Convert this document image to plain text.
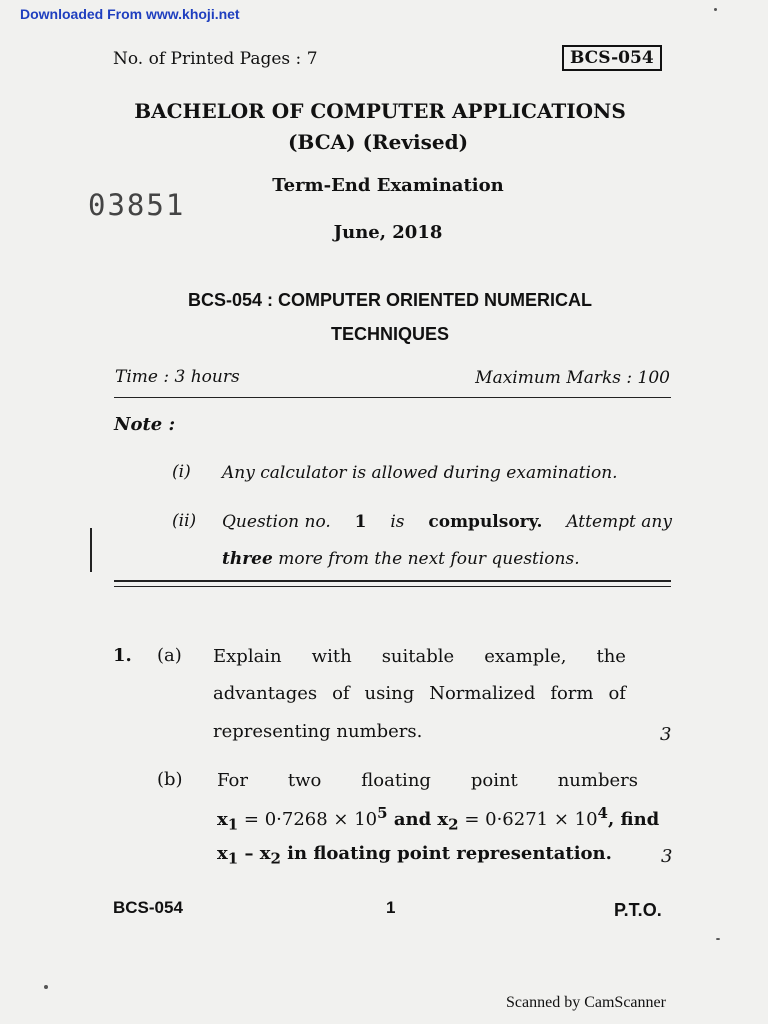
Downloaded From www.khoji.net
No. of Printed Pages : 7	BCS-054
BACHELOR OF COMPUTER APPLICATIONS
(BCA) (Revised)
Term-End Examination
03851
June, 2018
BCS-054 : COMPUTER ORIENTED NUMERICAL
TECHNIQUES
Time : 3 hours	Maximum Marks : 100
Note :
(i) Any calculator is allowed during examination.
(ii) Question no. 1 is compulsory. Attempt any
three more from the next four questions.
1. (a) Explain with suitable example, the
advantages of using Normalized form of
representing numbers.	3
(b) For two floating point numbers
$x_1 = 0\cdot 7268 \times 10^5$ and $x_2 = 0\cdot 6271 \times 10^4$, find
$x_1 - x_2$ in floating point representation.	3
BCS-054	1	P.T.O.
Scanned by CamScanner
